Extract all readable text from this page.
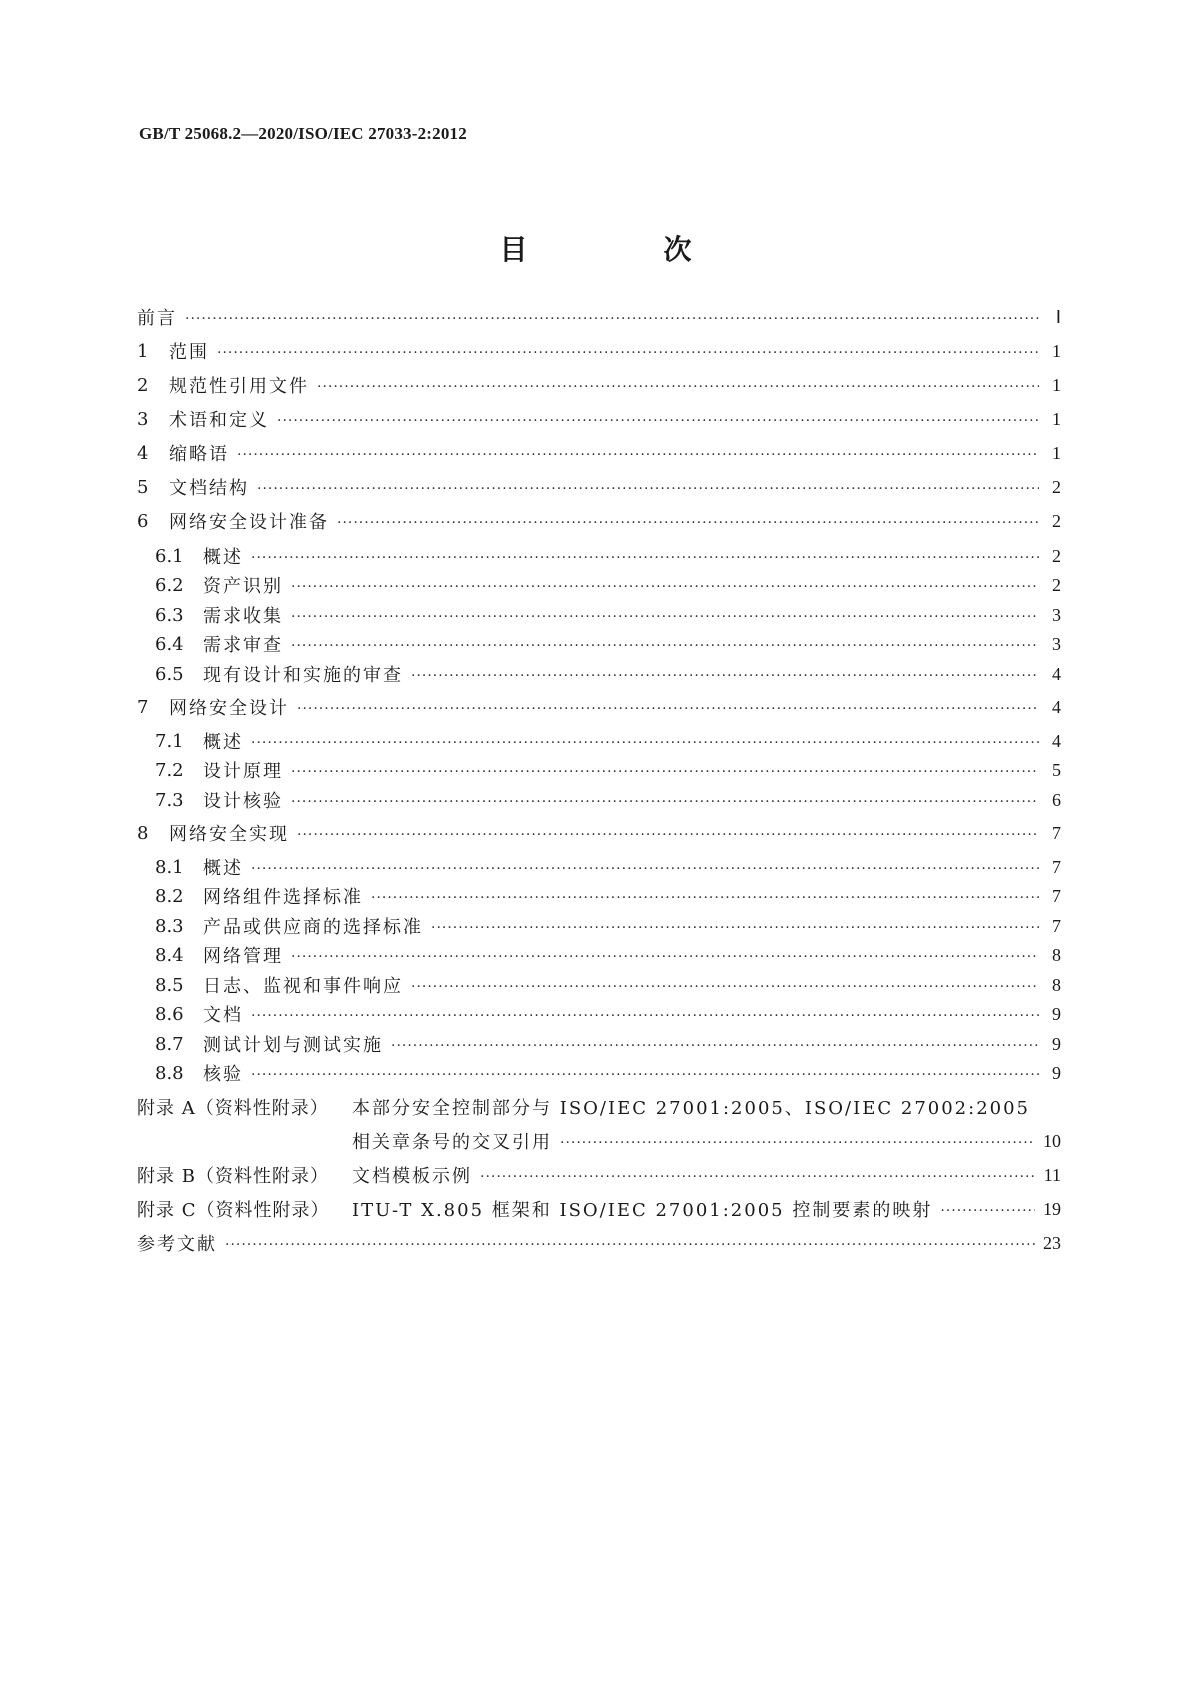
GB/T 25068.2—2020/ISO/IEC 27033-2:2012
目　次
前言 ·····	Ⅰ
1	范围 ·····	1
2	规范性引用文件 ·····	1
3	术语和定义 ·····	1
4	缩略语 ·····	1
5	文档结构 ·····	2
6	网络安全设计准备 ·····	2
6.1	概述 ·····	2
6.2	资产识别 ·····	2
6.3	需求收集 ·····	3
6.4	需求审查 ·····	3
6.5	现有设计和实施的审查 ·····	4
7	网络安全设计 ·····	4
7.1	概述 ·····	4
7.2	设计原理 ·····	5
7.3	设计核验 ·····	6
8	网络安全实现 ·····	7
8.1	概述 ·····	7
8.2	网络组件选择标准 ·····	7
8.3	产品或供应商的选择标准 ·····	7
8.4	网络管理 ·····	8
8.5	日志、监视和事件响应 ·····	8
8.6	文档 ·····	9
8.7	测试计划与测试实施 ·····	9
8.8	核验 ·····	9
附录 A（资料性附录）	本部分安全控制部分与 ISO/IEC 27001:2005、ISO/IEC 27002:2005
相关章条号的交叉引用 ·····	10
附录 B（资料性附录）	文档模板示例 ·····	11
附录 C（资料性附录）	ITU-T X.805 框架和 ISO/IEC 27001:2005 控制要素的映射 ·····	19
参考文献 ·····	23
